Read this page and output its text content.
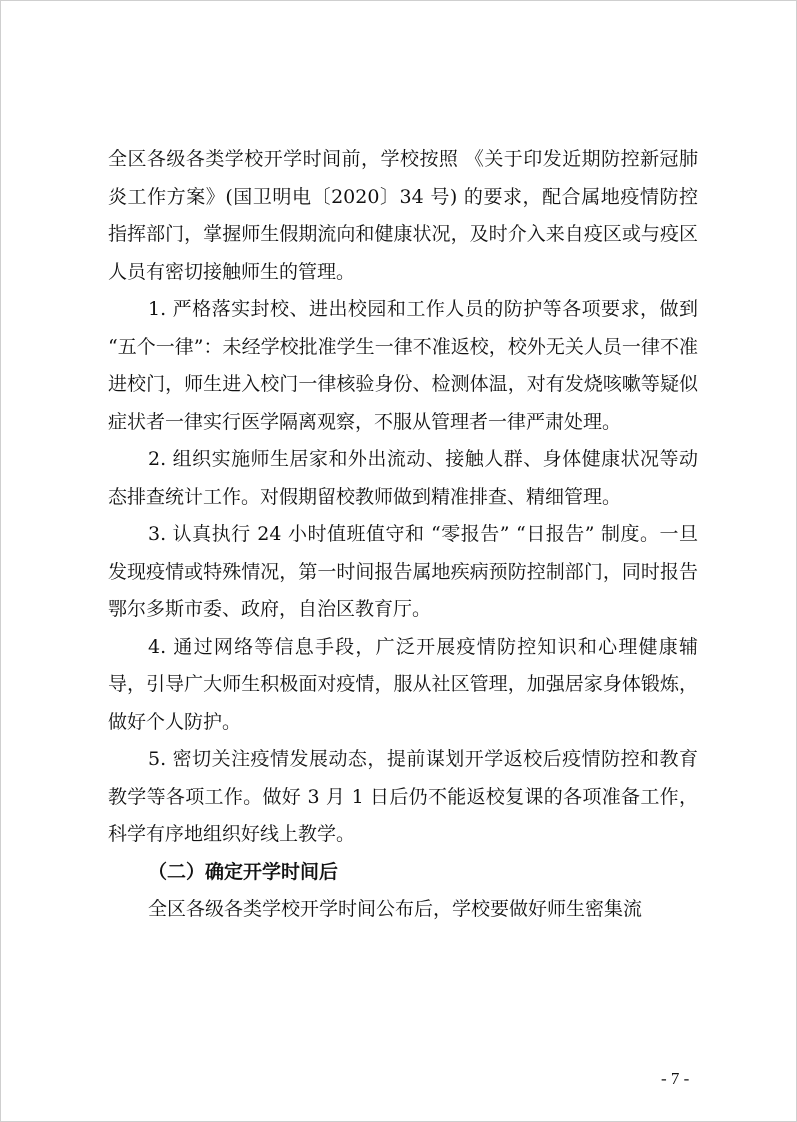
全区各级各类学校开学时间前，学校按照 《关于印发近期防控新冠肺炎工作方案》(国卫明电〔2020〕34 号) 的要求，配合属地疫情防控指挥部门，掌握师生假期流向和健康状况，及时介入来自疫区或与疫区人员有密切接触师生的管理。

1. 严格落实封校、进出校园和工作人员的防护等各项要求，做到 “五个一律”：未经学校批准学生一律不准返校，校外无关人员一律不准进校门，师生进入校门一律核验身份、检测体温，对有发烧咳嗽等疑似症状者一律实行医学隔离观察，不服从管理者一律严肃处理。

2. 组织实施师生居家和外出流动、接触人群、身体健康状况等动态排查统计工作。对假期留校教师做到精准排查、精细管理。

3. 认真执行 24 小时值班值守和 “零报告” “日报告” 制度。一旦发现疫情或特殊情况，第一时间报告属地疾病预防控制部门，同时报告鄂尔多斯市委、政府，自治区教育厅。

4. 通过网络等信息手段，广泛开展疫情防控知识和心理健康辅导，引导广大师生积极面对疫情，服从社区管理，加强居家身体锻炼，做好个人防护。

5. 密切关注疫情发展动态，提前谋划开学返校后疫情防控和教育教学等各项工作。做好 3 月 1 日后仍不能返校复课的各项准备工作，科学有序地组织好线上教学。

（二）确定开学时间后

全区各级各类学校开学时间公布后，学校要做好师生密集流

- 7 -
